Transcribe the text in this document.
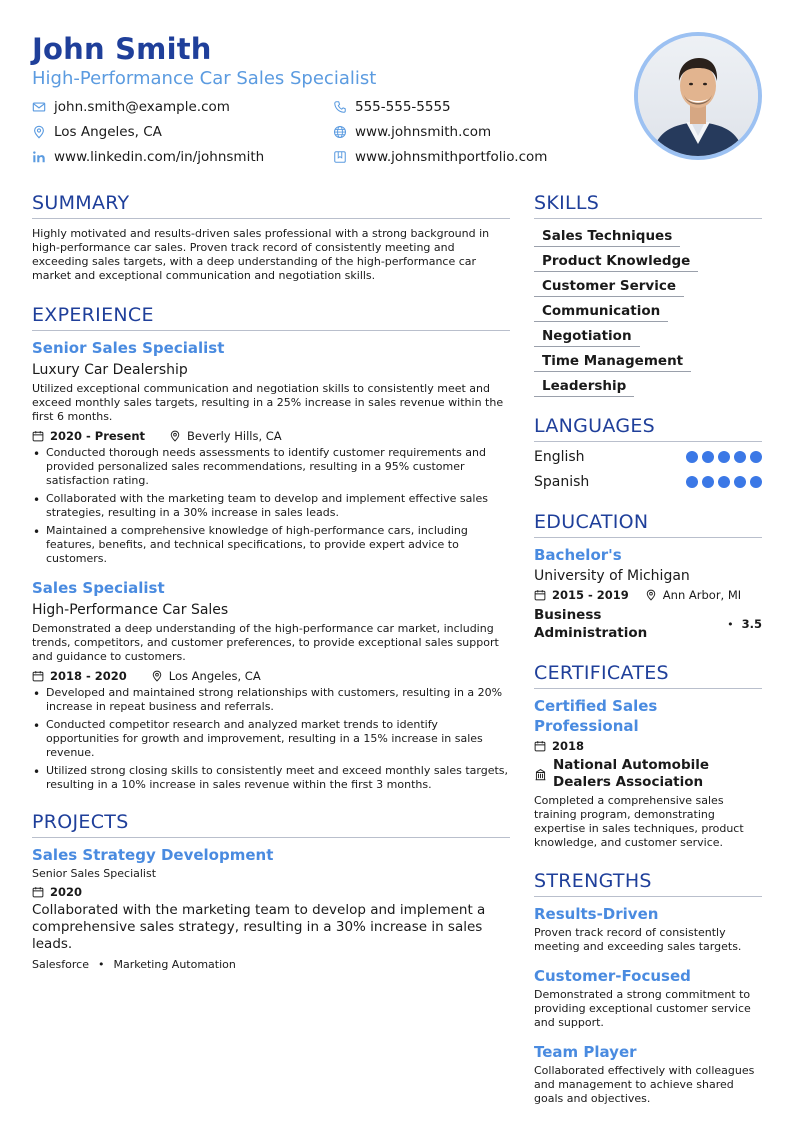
John Smith
High-Performance Car Sales Specialist
john.smith@example.com	555-555-5555
Los Angeles, CA	www.johnsmith.com
www.linkedin.com/in/johnsmith	www.johnsmithportfolio.com
SUMMARY
Highly motivated and results-driven sales professional with a strong background in high-performance car sales. Proven track record of consistently meeting and exceeding sales targets, with a deep understanding of the high-performance car market and exceptional communication and negotiation skills.
EXPERIENCE
Senior Sales Specialist
Luxury Car Dealership
Utilized exceptional communication and negotiation skills to consistently meet and exceed monthly sales targets, resulting in a 25% increase in sales revenue within the first 6 months.
2020 - Present	Beverly Hills, CA
• Conducted thorough needs assessments to identify customer requirements and provided personalized sales recommendations, resulting in a 95% customer satisfaction rating.
• Collaborated with the marketing team to develop and implement effective sales strategies, resulting in a 30% increase in sales leads.
• Maintained a comprehensive knowledge of high-performance cars, including features, benefits, and technical specifications, to provide expert advice to customers.
Sales Specialist
High-Performance Car Sales
Demonstrated a deep understanding of the high-performance car market, including trends, competitors, and customer preferences, to provide exceptional sales support and guidance to customers.
2018 - 2020	Los Angeles, CA
• Developed and maintained strong relationships with customers, resulting in a 20% increase in repeat business and referrals.
• Conducted competitor research and analyzed market trends to identify opportunities for growth and improvement, resulting in a 15% increase in sales revenue.
• Utilized strong closing skills to consistently meet and exceed monthly sales targets, resulting in a 10% increase in sales revenue within the first 3 months.
PROJECTS
Sales Strategy Development
Senior Sales Specialist
2020
Collaborated with the marketing team to develop and implement a comprehensive sales strategy, resulting in a 30% increase in sales leads.
Salesforce • Marketing Automation
SKILLS
Sales Techniques
Product Knowledge
Customer Service
Communication
Negotiation
Time Management
Leadership
LANGUAGES
English
Spanish
EDUCATION
Bachelor's
University of Michigan
2015 - 2019	Ann Arbor, MI
Business Administration
• 3.5
CERTIFICATES
Certified Sales Professional
2018
National Automobile Dealers Association
Completed a comprehensive sales training program, demonstrating expertise in sales techniques, product knowledge, and customer service.
STRENGTHS
Results-Driven
Proven track record of consistently meeting and exceeding sales targets.
Customer-Focused
Demonstrated a strong commitment to providing exceptional customer service and support.
Team Player
Collaborated effectively with colleagues and management to achieve shared goals and objectives.
